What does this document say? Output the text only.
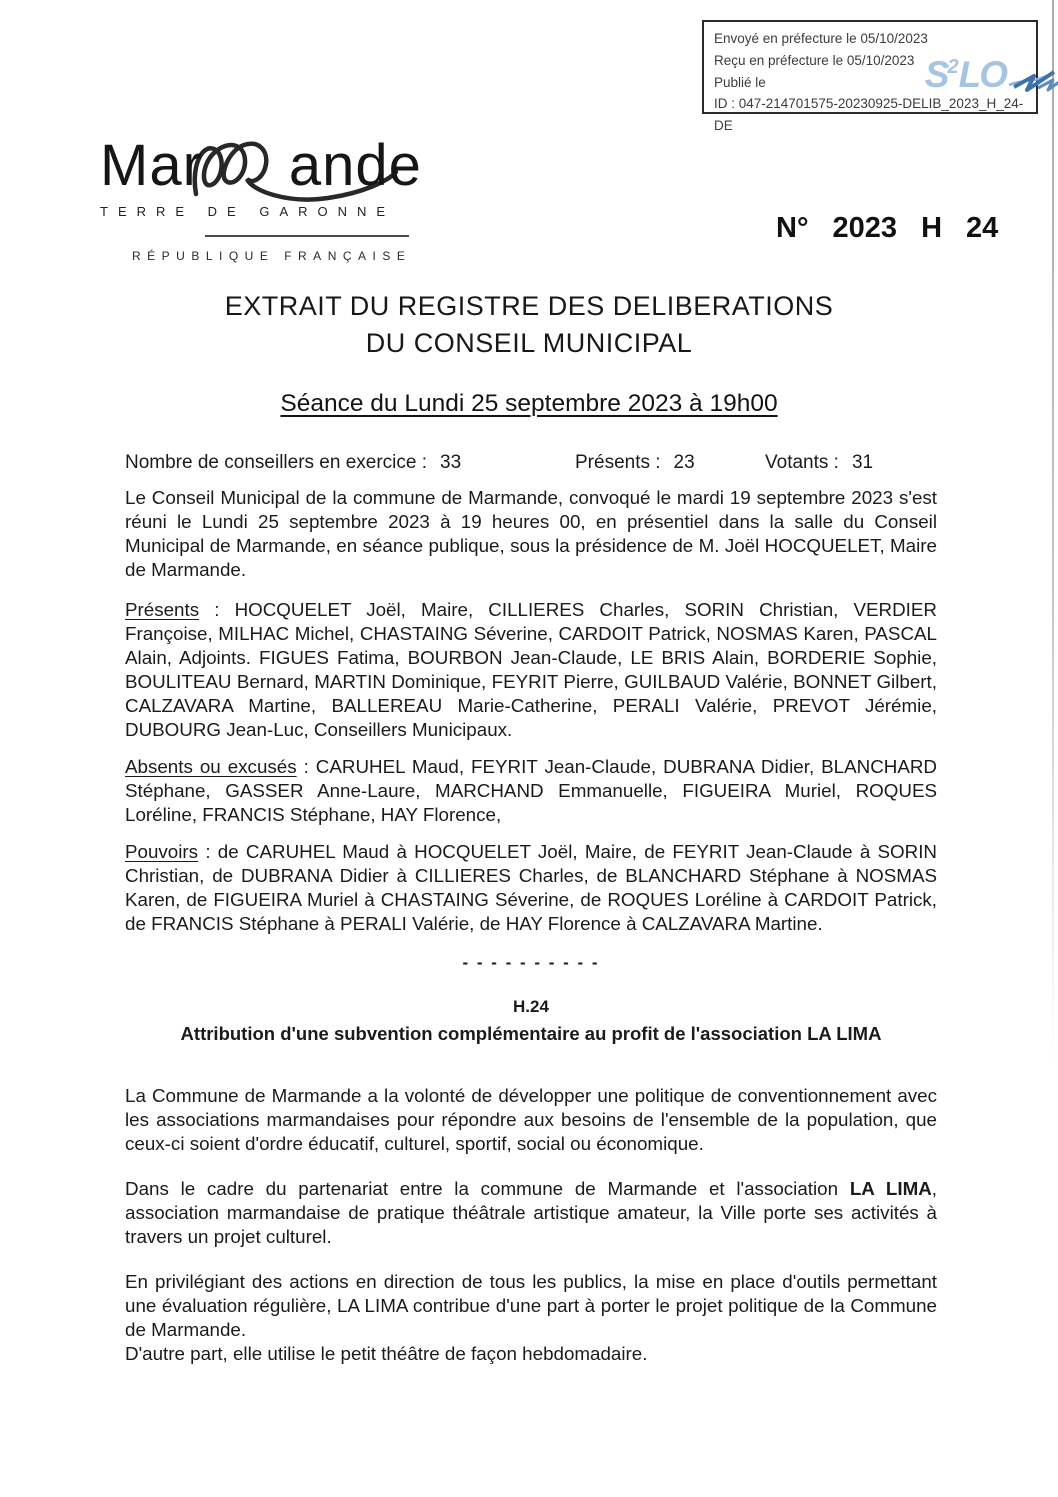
Envoyé en préfecture le 05/10/2023
Reçu en préfecture le 05/10/2023
Publié le
ID : 047-214701575-20230925-DELIB_2023_H_24-DE
$S^2LO$
Mar ande
TERRE DE GARONNE
RÉPUBLIQUE FRANÇAISE
N° 2023 H 24
EXTRAIT DU REGISTRE DES DELIBERATIONS
DU CONSEIL MUNICIPAL
Séance du Lundi 25 septembre 2023 à 19h00
Nombre de conseillers en exercice : 33	Présents : 23	Votants : 31

Le Conseil Municipal de la commune de Marmande, convoqué le mardi 19 septembre 2023 s'est réuni le Lundi 25 septembre 2023 à 19 heures 00, en présentiel dans la salle du Conseil Municipal de Marmande, en séance publique, sous la présidence de M. Joël HOCQUELET, Maire de Marmande.

Présents : HOCQUELET Joël, Maire, CILLIERES Charles, SORIN Christian, VERDIER Françoise, MILHAC Michel, CHASTAING Séverine, CARDOIT Patrick, NOSMAS Karen, PASCAL Alain, Adjoints. FIGUES Fatima, BOURBON Jean-Claude, LE BRIS Alain, BORDERIE Sophie, BOULITEAU Bernard, MARTIN Dominique, FEYRIT Pierre, GUILBAUD Valérie, BONNET Gilbert, CALZAVARA Martine, BALLEREAU Marie-Catherine, PERALI Valérie, PREVOT Jérémie, DUBOURG Jean-Luc, Conseillers Municipaux.

Absents ou excusés : CARUHEL Maud, FEYRIT Jean-Claude, DUBRANA Didier, BLANCHARD Stéphane, GASSER Anne-Laure, MARCHAND Emmanuelle, FIGUEIRA Muriel, ROQUES Loréline, FRANCIS Stéphane, HAY Florence,

Pouvoirs : de CARUHEL Maud à HOCQUELET Joël, Maire, de FEYRIT Jean-Claude à SORIN Christian, de DUBRANA Didier à CILLIERES Charles, de BLANCHARD Stéphane à NOSMAS Karen, de FIGUEIRA Muriel à CHASTAING Séverine, de ROQUES Loréline à CARDOIT Patrick, de FRANCIS Stéphane à PERALI Valérie, de HAY Florence à CALZAVARA Martine.

- - - - - - - - - -

H.24

Attribution d'une subvention complémentaire au profit de l'association LA LIMA

La Commune de Marmande a la volonté de développer une politique de conventionnement avec les associations marmandaises pour répondre aux besoins de l'ensemble de la population, que ceux-ci soient d'ordre éducatif, culturel, sportif, social ou économique.

Dans le cadre du partenariat entre la commune de Marmande et l'association LA LIMA, association marmandaise de pratique théâtrale artistique amateur, la Ville porte ses activités à travers un projet culturel.

En privilégiant des actions en direction de tous les publics, la mise en place d'outils permettant une évaluation régulière, LA LIMA contribue d'une part à porter le projet politique de la Commune de Marmande.

D'autre part, elle utilise le petit théâtre de façon hebdomadaire.
